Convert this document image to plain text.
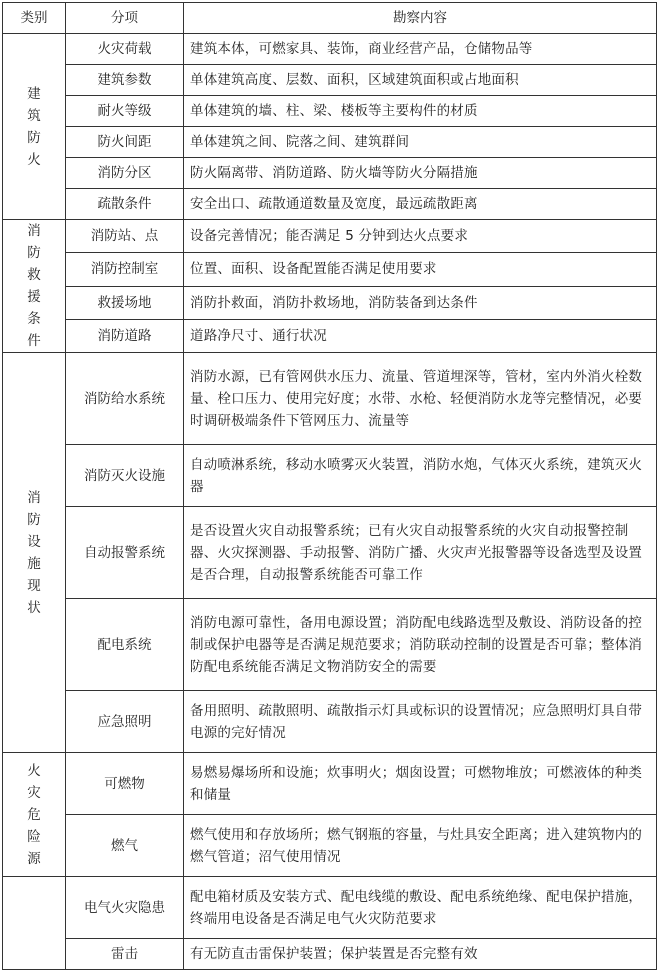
类别	分项	勘察内容
建筑防火	火灾荷载	建筑本体，可燃家具、装饰，商业经营产品，仓储物品等
	建筑参数	单体建筑高度、层数、面积，区域建筑面积或占地面积
	耐火等级	单体建筑的墙、柱、梁、楼板等主要构件的材质
	防火间距	单体建筑之间、院落之间、建筑群间
	消防分区	防火隔离带、消防道路、防火墙等防火分隔措施
	疏散条件	安全出口、疏散通道数量及宽度，最远疏散距离
消防救援条件	消防站、点	设备完善情况；能否满足 5 分钟到达火点要求
	消防控制室	位置、面积、设备配置能否满足使用要求
	救援场地	消防扑救面，消防扑救场地，消防装备到达条件
	消防道路	道路净尺寸、通行状况
消防设施现状	消防给水系统	消防水源，已有管网供水压力、流量、管道埋深等，管材，室内外消火栓数量、栓口压力、使用完好度；水带、水枪、轻便消防水龙等完整情况，必要时调研极端条件下管网压力、流量等
	消防灭火设施	自动喷淋系统，移动水喷雾灭火装置，消防水炮，气体灭火系统，建筑灭火器
	自动报警系统	是否设置火灾自动报警系统；已有火灾自动报警系统的火灾自动报警控制器、火灾探测器、手动报警、消防广播、火灾声光报警器等设备选型及设置是否合理，自动报警系统能否可靠工作
	配电系统	消防电源可靠性，备用电源设置；消防配电线路选型及敷设、消防设备的控制或保护电器等是否满足规范要求；消防联动控制的设置是否可靠；整体消防配电系统能否满足文物消防安全的需要
	应急照明	备用照明、疏散照明、疏散指示灯具或标识的设置情况；应急照明灯具自带电源的完好情况
火灾危险源	可燃物	易燃易爆场所和设施；炊事明火；烟囱设置；可燃物堆放；可燃液体的种类和储量
	燃气	燃气使用和存放场所；燃气钢瓶的容量，与灶具安全距离；进入建筑物内的燃气管道；沼气使用情况
	电气火灾隐患	配电箱材质及安装方式、配电线缆的敷设、配电系统绝缘、配电保护措施，终端用电设备是否满足电气火灾防范要求
	雷击	有无防直击雷保护装置；保护装置是否完整有效
